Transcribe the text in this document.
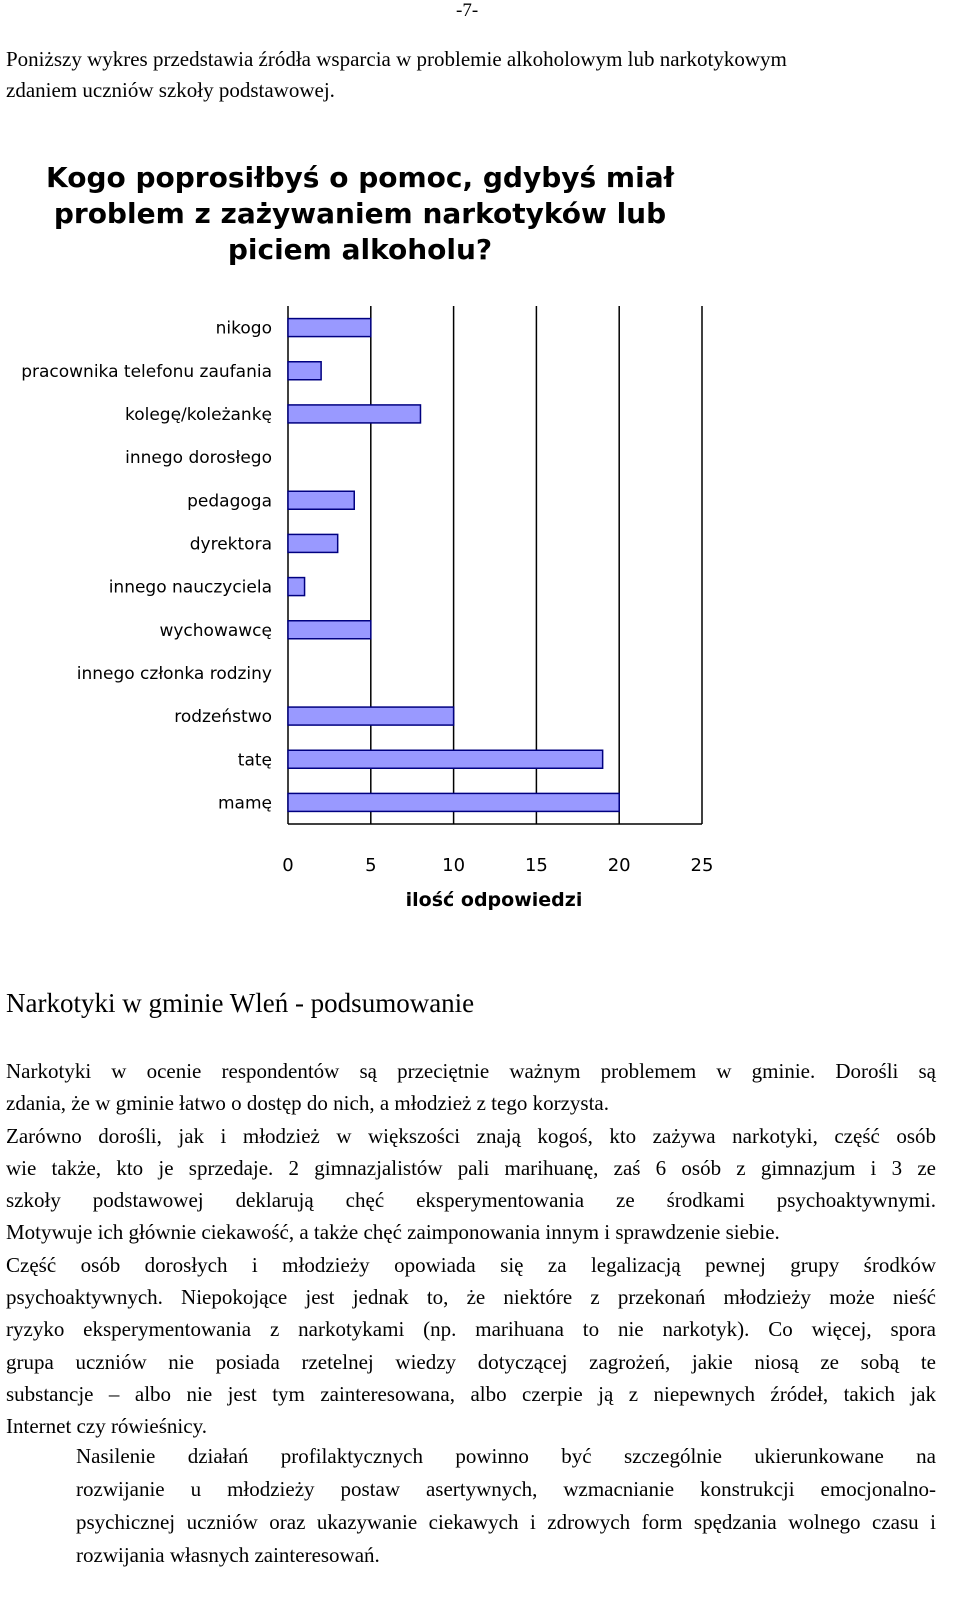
-7-
Poniższy wykres przedstawia źródła wsparcia w problemie alkoholowym lub narkotykowym
zdaniem uczniów szkoły podstawowej.
Kogo poprosiłbyś o pomoc, gdybyś miał
problem z zażywaniem narkotyków lub
piciem alkoholu?
nikogo
pracownika telefonu zaufania
kolegę/koleżankę
innego dorosłego
pedagoga
dyrektora
innego nauczyciela
wychowawcę
innego członka rodziny
rodzeństwo
tatę
mamę
0	5	10	15	20	25
ilość odpowiedzi
Narkotyki w gminie Wleń - podsumowanie
Narkotyki w ocenie respondentów są przeciętnie ważnym problemem w gminie. Dorośli są
zdania, że w gminie łatwo o dostęp do nich, a młodzież z tego korzysta.
Zarówno dorośli, jak i młodzież w większości znają kogoś, kto zażywa narkotyki, część osób
wie także, kto je sprzedaje. 2 gimnazjalistów pali marihuanę, zaś 6 osób z gimnazjum i 3 ze
szkoły podstawowej deklarują chęć eksperymentowania ze środkami psychoaktywnymi.
Motywuje ich głównie ciekawość, a także chęć zaimponowania innym i sprawdzenie siebie.
Część osób dorosłych i młodzieży opowiada się za legalizacją pewnej grupy środków
psychoaktywnych. Niepokojące jest jednak to, że niektóre z przekonań młodzieży może nieść
ryzyko eksperymentowania z narkotykami (np. marihuana to nie narkotyk). Co więcej, spora
grupa uczniów nie posiada rzetelnej wiedzy dotyczącej zagrożeń, jakie niosą ze sobą te
substancje – albo nie jest tym zainteresowana, albo czerpie ją z niepewnych źródeł, takich jak
Internet czy rówieśnicy.
Nasilenie działań profilaktycznych powinno być szczególnie ukierunkowane na
rozwijanie u młodzieży postaw asertywnych, wzmacnianie konstrukcji emocjonalno-
psychicznej uczniów oraz ukazywanie ciekawych i zdrowych form spędzania wolnego czasu i
rozwijania własnych zainteresowań.
